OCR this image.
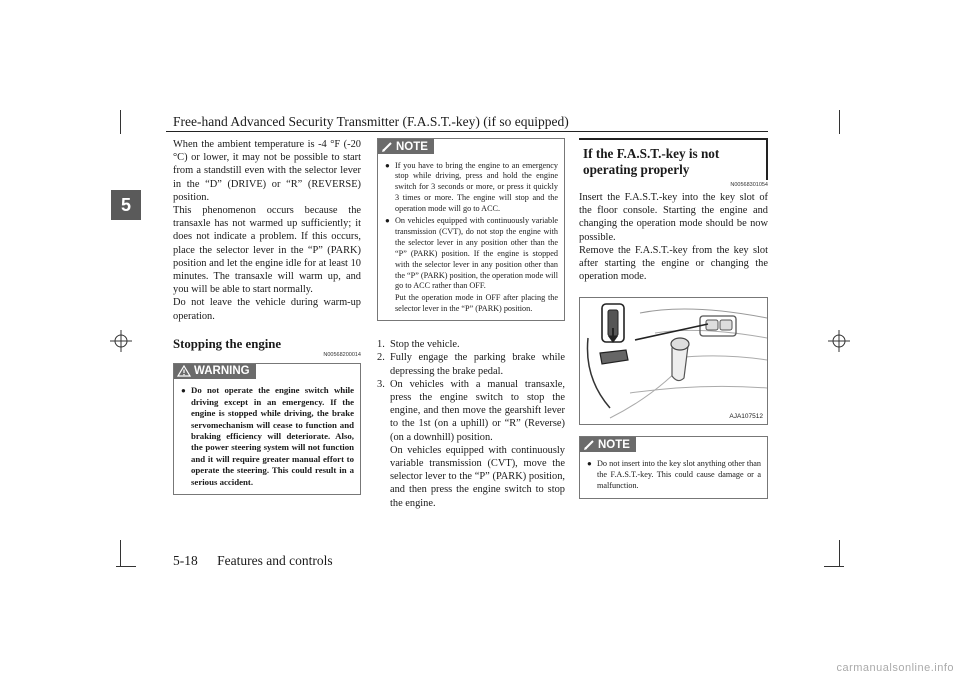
Free-hand Advanced Security Transmitter (F.A.S.T.-key) (if so equipped)
5

When the ambient temperature is -4 °F (-20 °C) or lower, it may not be possible to start from a standstill even with the selector lever in the “D” (DRIVE) or “R” (REVERSE) position.

This phenomenon occurs because the transaxle has not warmed up sufficiently; it does not indicate a problem. If this occurs, place the selector lever in the “P” (PARK) position and let the engine idle for at least 10 minutes. The transaxle will warm up, and you will be able to start normally.

Do not leave the vehicle during warm-up operation.

Stopping the engine
N00568200014
WARNING
● Do not operate the engine switch while driving except in an emergency. If the engine is stopped while driving, the brake servomechanism will cease to function and braking efficiency will deteriorate. Also, the power steering system will not function and it will require greater manual effort to operate the steering. This could result in a serious accident.
NOTE
● If you have to bring the engine to an emergency stop while driving, press and hold the engine switch for 3 seconds or more, or press it quickly 3 times or more. The engine will stop and the operation mode will go to ACC.
● On vehicles equipped with continuously variable transmission (CVT), do not stop the engine with the selector lever in any position other than the “P” (PARK) position. If the engine is stopped with the selector lever in any position other than the “P” (PARK) position, the operation mode will go to ACC rather than OFF.
Put the operation mode in OFF after placing the selector lever in the “P” (PARK) position.
1. Stop the vehicle.
2. Fully engage the parking brake while depressing the brake pedal.
3. On vehicles with a manual transaxle, press the engine switch to stop the engine, and then move the gearshift lever to the 1st (on a uphill) or “R” (Reverse) (on a downhill) position.
On vehicles equipped with continuously variable transmission (CVT), move the selector lever to the “P” (PARK) position, and then press the engine switch to stop the engine.
If the F.A.S.T.-key is not operating properly
N00568301054

Insert the F.A.S.T.-key into the key slot of the floor console. Starting the engine and changing the operation mode should be now possible.

Remove the F.A.S.T.-key from the key slot after starting the engine or changing the operation mode.

AJA107512
NOTE
● Do not insert into the key slot anything other than the F.A.S.T.-key. This could cause damage or a malfunction.
5-18 Features and controls
carmanualsonline.info
